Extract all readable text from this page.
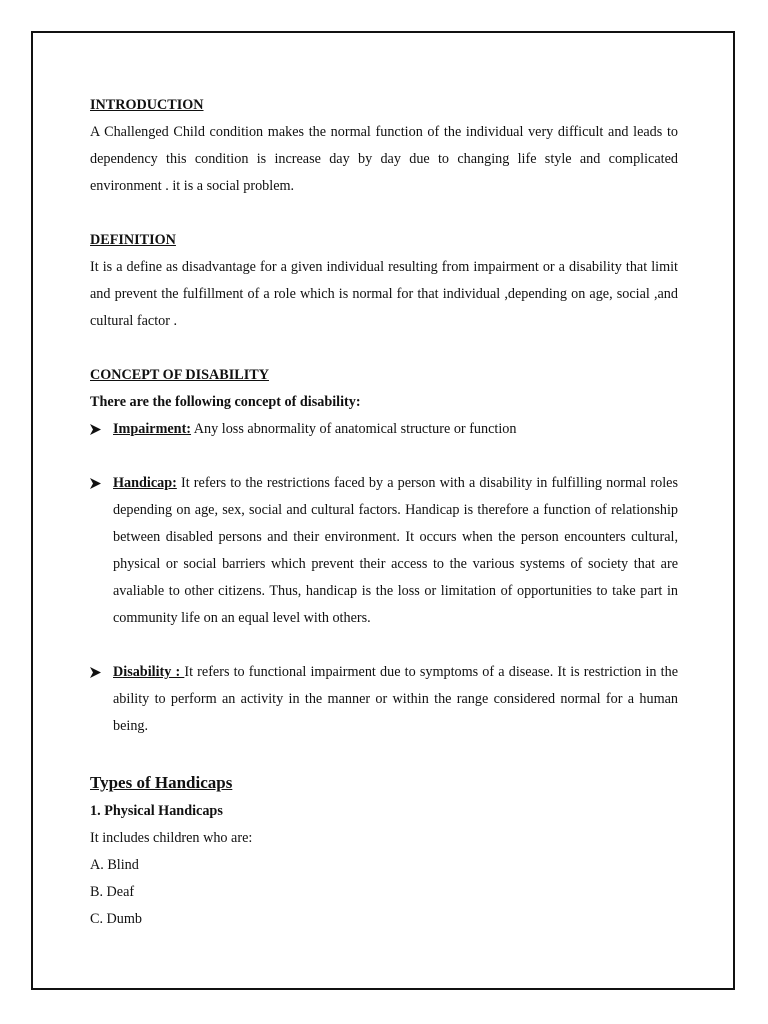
INTRODUCTION
A Challenged Child condition makes the normal function of the individual very difficult and leads to dependency this condition is increase day by day due to changing life style and complicated environment . it is a social problem.
DEFINITION
It is a define as disadvantage for a given individual resulting from impairment or a disability that limit and prevent the fulfillment of a role which is normal for that individual ,depending on age, social ,and cultural factor .
CONCEPT OF DISABILITY
There are the following concept of disability:
Impairment: Any loss abnormality of anatomical structure or function
Handicap: It refers to the restrictions faced by a person with a disability in fulfilling normal roles depending on age, sex, social and cultural factors. Handicap is therefore a function of relationship between disabled persons and their environment. It occurs when the person encounters cultural, physical or social barriers which prevent their access to the various systems of society that are avaliable to other citizens. Thus, handicap is the loss or limitation of opportunities to take part in community life on an equal level with others.
Disability : It refers to functional impairment due to symptoms of a disease. It is restriction in the ability to perform an activity in the manner or within the range considered normal for a human being.
Types of Handicaps
1. Physical Handicaps
It includes children who are:
A. Blind
B. Deaf
C. Dumb
